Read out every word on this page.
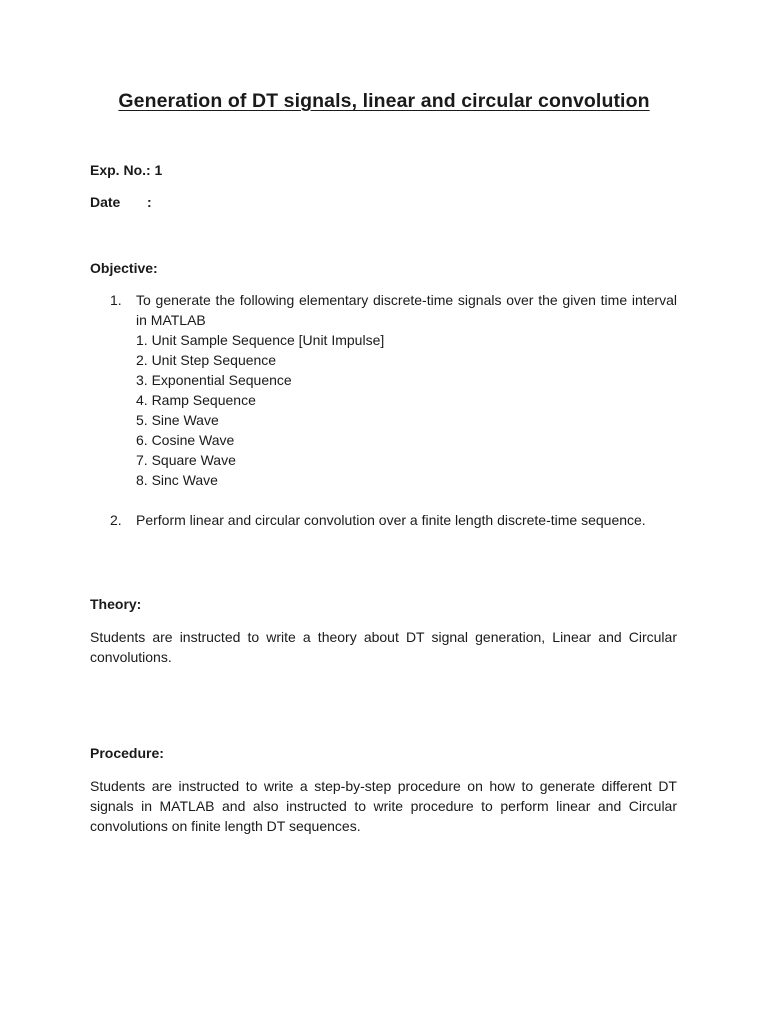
Generation of DT signals, linear and circular convolution
Exp. No.: 1
Date :
Objective:
1. To generate the following elementary discrete-time signals over the given time interval in MATLAB
1. Unit Sample Sequence [Unit Impulse]
2. Unit Step Sequence
3. Exponential Sequence
4. Ramp Sequence
5. Sine Wave
6. Cosine Wave
7. Square Wave
8. Sinc Wave
2. Perform linear and circular convolution over a finite length discrete-time sequence.
Theory:
Students are instructed to write a theory about DT signal generation, Linear and Circular convolutions.
Procedure:
Students are instructed to write a step-by-step procedure on how to generate different DT signals in MATLAB and also instructed to write procedure to perform linear and Circular convolutions on finite length DT sequences.
